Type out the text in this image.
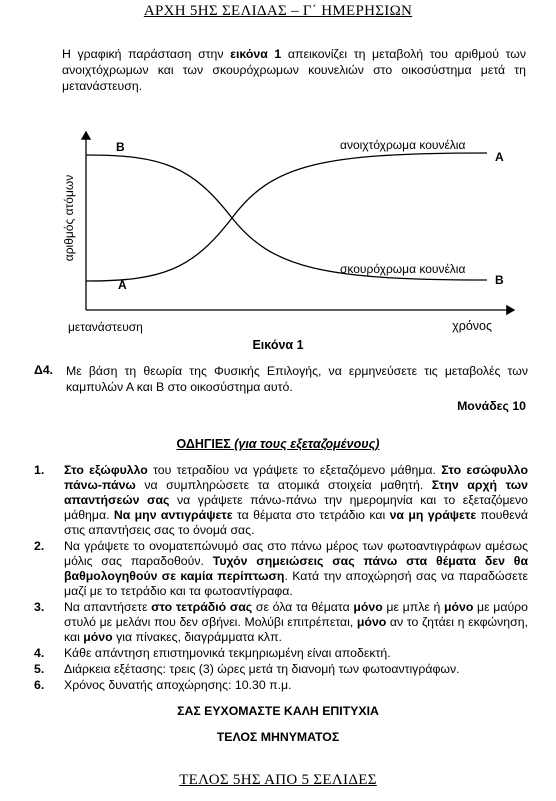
ΑΡΧΗ 5ΗΣ ΣΕΛΙΔΑΣ – Γ΄ ΗΜΕΡΗΣΙΩΝ
Η γραφική παράσταση στην εικόνα 1 απεικονίζει τη μεταβολή του αριθμού των ανοιχτόχρωμων και των σκουρόχρωμων κουνελιών στο οικοσύστημα μετά τη μετανάστευση.
αριθμός ατόμων
χρόνος
μετανάστευση
ανοιχτόχρωμα κουνέλια
σκουρόχρωμα κουνέλια
B
A
A
B
Εικόνα 1
Δ4. Με βάση τη θεωρία της Φυσικής Επιλογής, να ερμηνεύσετε τις μεταβολές των καμπυλών Α και Β στο οικοσύστημα αυτό.
Μονάδες 10
ΟΔΗΓΙΕΣ (για τους εξεταζομένους)
1. Στο εξώφυλλο του τετραδίου να γράψετε το εξεταζόμενο μάθημα. Στο εσώφυλλο πάνω-πάνω να συμπληρώσετε τα ατομικά στοιχεία μαθητή. Στην αρχή των απαντήσεών σας να γράψετε πάνω-πάνω την ημερομηνία και το εξεταζόμενο μάθημα. Να μην αντιγράψετε τα θέματα στο τετράδιο και να μη γράψετε πουθενά στις απαντήσεις σας το όνομά σας.
2. Να γράψετε το ονοματεπώνυμό σας στο πάνω μέρος των φωτοαντιγράφων αμέσως μόλις σας παραδοθούν. Τυχόν σημειώσεις σας πάνω στα θέματα δεν θα βαθμολογηθούν σε καμία περίπτωση. Κατά την αποχώρησή σας να παραδώσετε μαζί με το τετράδιο και τα φωτοαντίγραφα.
3. Να απαντήσετε στο τετράδιό σας σε όλα τα θέματα μόνο με μπλε ή μόνο με μαύρο στυλό με μελάνι που δεν σβήνει. Μολύβι επιτρέπεται, μόνο αν το ζητάει η εκφώνηση, και μόνο για πίνακες, διαγράμματα κλπ.
4. Κάθε απάντηση επιστημονικά τεκμηριωμένη είναι αποδεκτή.
5. Διάρκεια εξέτασης: τρεις (3) ώρες μετά τη διανομή των φωτοαντιγράφων.
6. Χρόνος δυνατής αποχώρησης: 10.30 π.μ.
ΣΑΣ ΕΥΧΟΜΑΣΤΕ ΚΑΛΗ ΕΠΙΤΥΧΙΑ
ΤΕΛΟΣ ΜΗΝΥΜΑΤΟΣ
ΤΕΛΟΣ 5ΗΣ ΑΠΟ 5 ΣΕΛΙΔΕΣ
